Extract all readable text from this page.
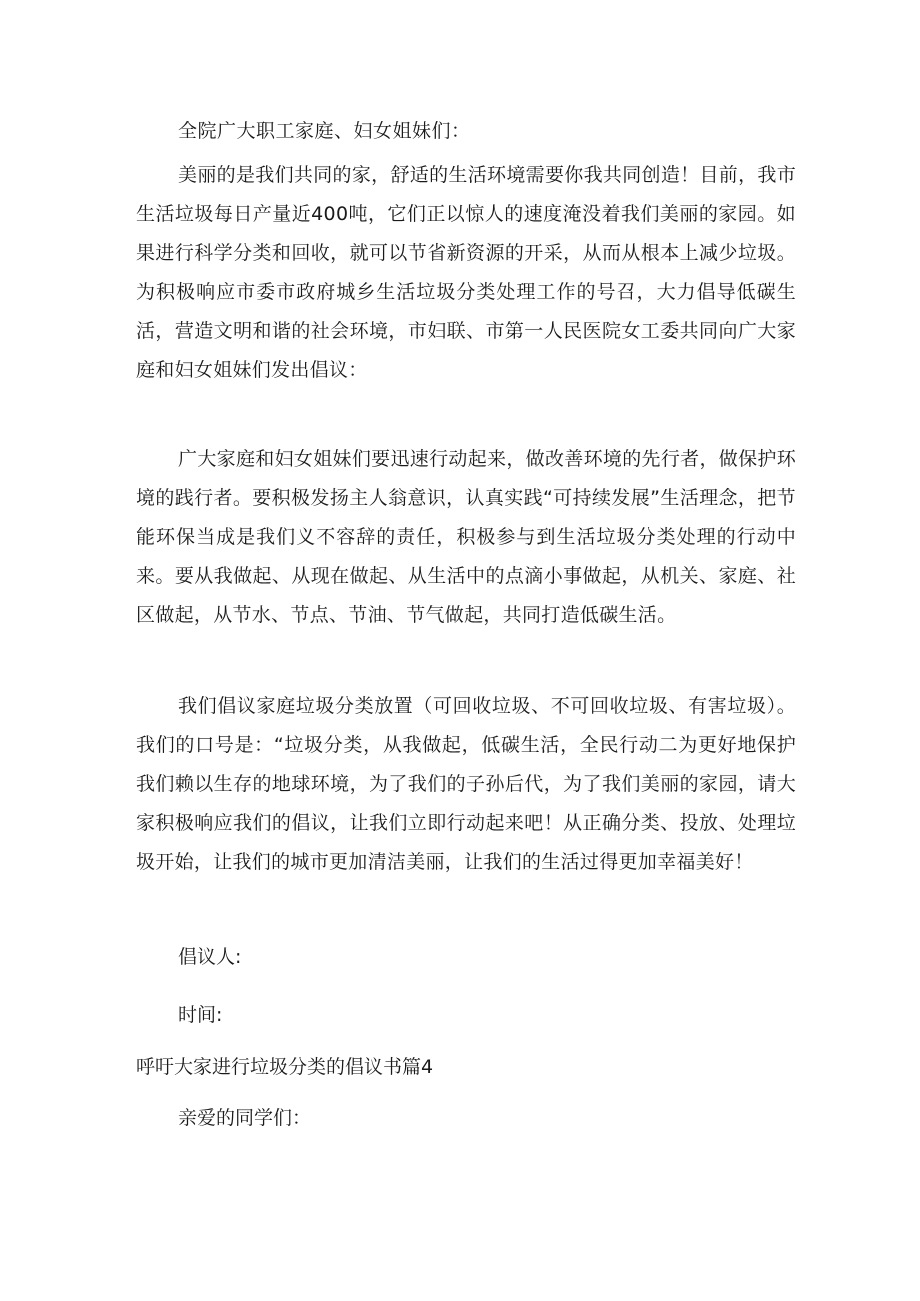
全院广大职工家庭、妇女姐妹们：

美丽的是我们共同的家，舒适的生活环境需要你我共同创造！目前，我市生活垃圾每日产量近400吨，它们正以惊人的速度淹没着我们美丽的家园。如果进行科学分类和回收，就可以节省新资源的开采，从而从根本上减少垃圾。为积极响应市委市政府城乡生活垃圾分类处理工作的号召，大力倡导低碳生活，营造文明和谐的社会环境，市妇联、市第一人民医院女工委共同向广大家庭和妇女姐妹们发出倡议：

广大家庭和妇女姐妹们要迅速行动起来，做改善环境的先行者，做保护环境的践行者。要积极发扬主人翁意识，认真实践“可持续发展”生活理念，把节能环保当成是我们义不容辞的责任，积极参与到生活垃圾分类处理的行动中来。要从我做起、从现在做起、从生活中的点滴小事做起，从机关、家庭、社区做起，从节水、节点、节油、节气做起，共同打造低碳生活。

我们倡议家庭垃圾分类放置（可回收垃圾、不可回收垃圾、有害垃圾）。我们的口号是：“垃圾分类，从我做起，低碳生活，全民行动二为更好地保护我们赖以生存的地球环境，为了我们的子孙后代，为了我们美丽的家园，请大家积极响应我们的倡议，让我们立即行动起来吧！从正确分类、投放、处理垃圾开始，让我们的城市更加清洁美丽，让我们的生活过得更加幸福美好！

倡议人:
时间:
呼吁大家进行垃圾分类的倡议书篇4
亲爱的同学们：
